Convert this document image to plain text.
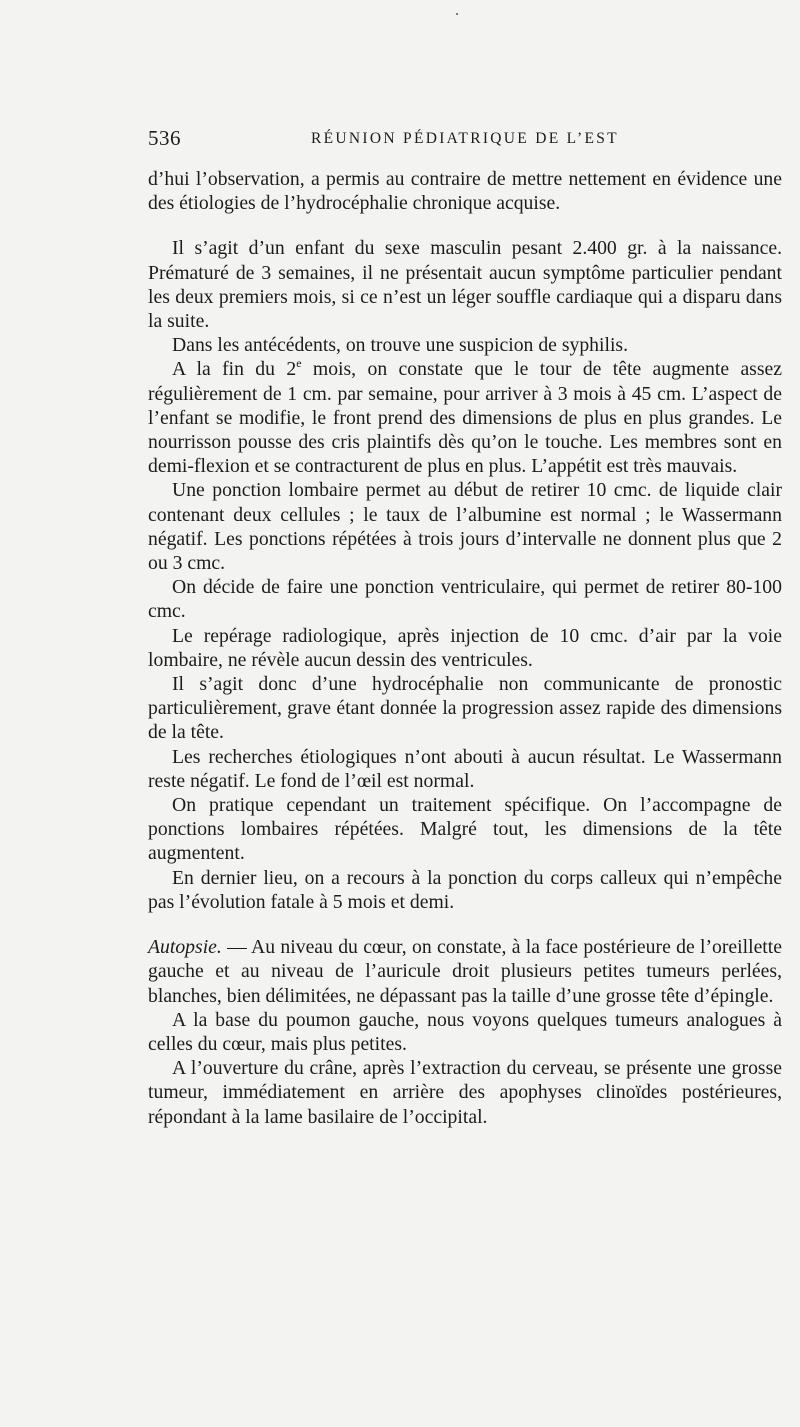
536	RÉUNION PÉDIATRIQUE DE L’EST

d’hui l’observation, a permis au contraire de mettre nettement en évidence une des étiologies de l’hydrocéphalie chronique acquise.

Il s’agit d’un enfant du sexe masculin pesant 2.400 gr. à la naissance. Prématuré de 3 semaines, il ne présentait aucun symptôme particulier pendant les deux premiers mois, si ce n’est un léger souffle cardiaque qui a disparu dans la suite.

Dans les antécédents, on trouve une suspicion de syphilis.

A la fin du 2e mois, on constate que le tour de tête augmente assez régulièrement de 1 cm. par semaine, pour arriver à 3 mois à 45 cm. L’aspect de l’enfant se modifie, le front prend des dimensions de plus en plus grandes. Le nourrisson pousse des cris plaintifs dès qu’on le touche. Les membres sont en demi-flexion et se contracturent de plus en plus. L’appétit est très mauvais.

Une ponction lombaire permet au début de retirer 10 cmc. de liquide clair contenant deux cellules ; le taux de l’albumine est normal ; le Wassermann négatif. Les ponctions répétées à trois jours d’intervalle ne donnent plus que 2 ou 3 cmc.

On décide de faire une ponction ventriculaire, qui permet de retirer 80-100 cmc.

Le repérage radiologique, après injection de 10 cmc. d’air par la voie lombaire, ne révèle aucun dessin des ventricules.

Il s’agit donc d’une hydrocéphalie non communicante de pronostic particulièrement, grave étant donnée la progression assez rapide des dimensions de la tête.

Les recherches étiologiques n’ont abouti à aucun résultat. Le Wassermann reste négatif. Le fond de l’œil est normal.

On pratique cependant un traitement spécifique. On l’accompagne de ponctions lombaires répétées. Malgré tout, les dimensions de la tête augmentent.

En dernier lieu, on a recours à la ponction du corps calleux qui n’empêche pas l’évolution fatale à 5 mois et demi.

Autopsie. — Au niveau du cœur, on constate, à la face postérieure de l’oreillette gauche et au niveau de l’auricule droit plusieurs petites tumeurs perlées, blanches, bien délimitées, ne dépassant pas la taille d’une grosse tête d’épingle.

A la base du poumon gauche, nous voyons quelques tumeurs analogues à celles du cœur, mais plus petites.

A l’ouverture du crâne, après l’extraction du cerveau, se présente une grosse tumeur, immédiatement en arrière des apophyses clinoïdes postérieures, répondant à la lame basilaire de l’occipital.
